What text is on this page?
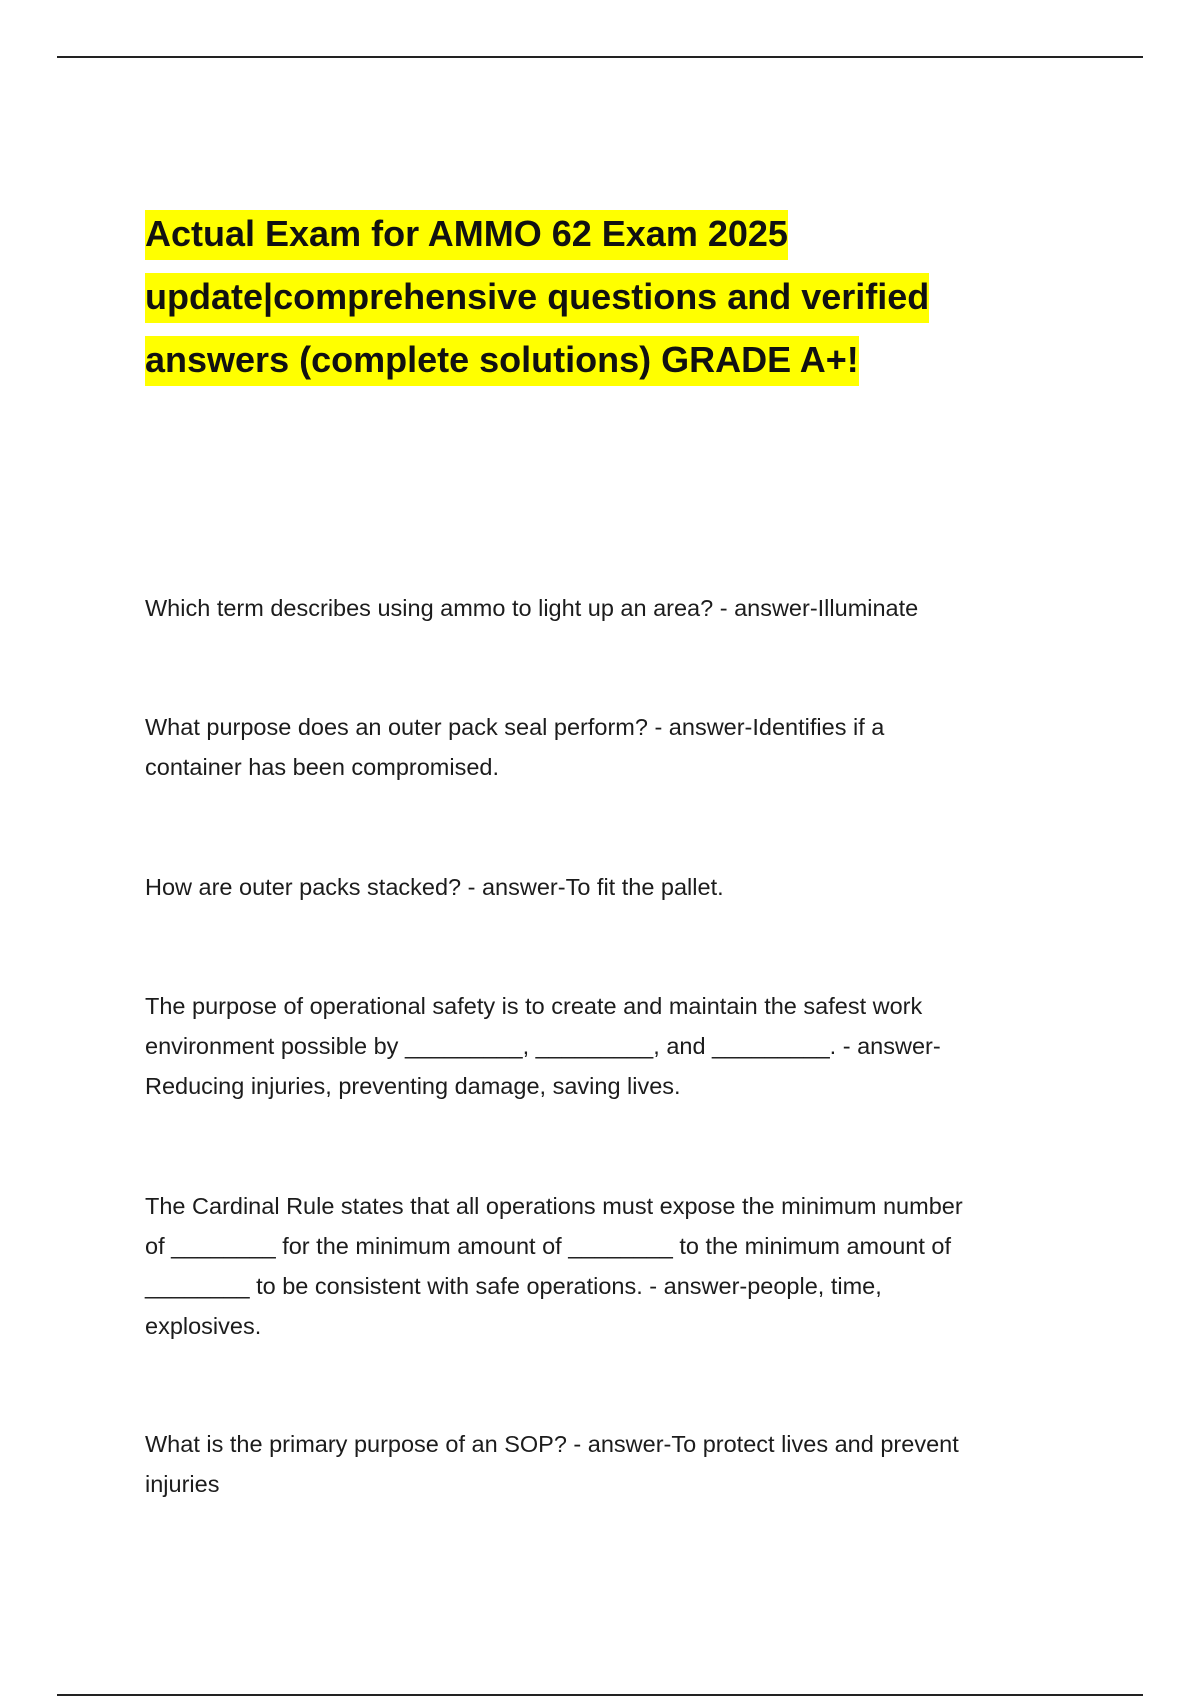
Actual Exam for AMMO 62 Exam 2025
update|comprehensive questions and verified
answers (complete solutions) GRADE A+!

Which term describes using ammo to light up an area? - answer-Illuminate

What purpose does an outer pack seal perform? - answer-Identifies if a
container has been compromised.

How are outer packs stacked? - answer-To fit the pallet.

The purpose of operational safety is to create and maintain the safest work
environment possible by _________, _________, and _________. - answer-
Reducing injuries, preventing damage, saving lives.

The Cardinal Rule states that all operations must expose the minimum number
of ________ for the minimum amount of ________ to the minimum amount of
________ to be consistent with safe operations. - answer-people, time,
explosives.

What is the primary purpose of an SOP? - answer-To protect lives and prevent
injuries
